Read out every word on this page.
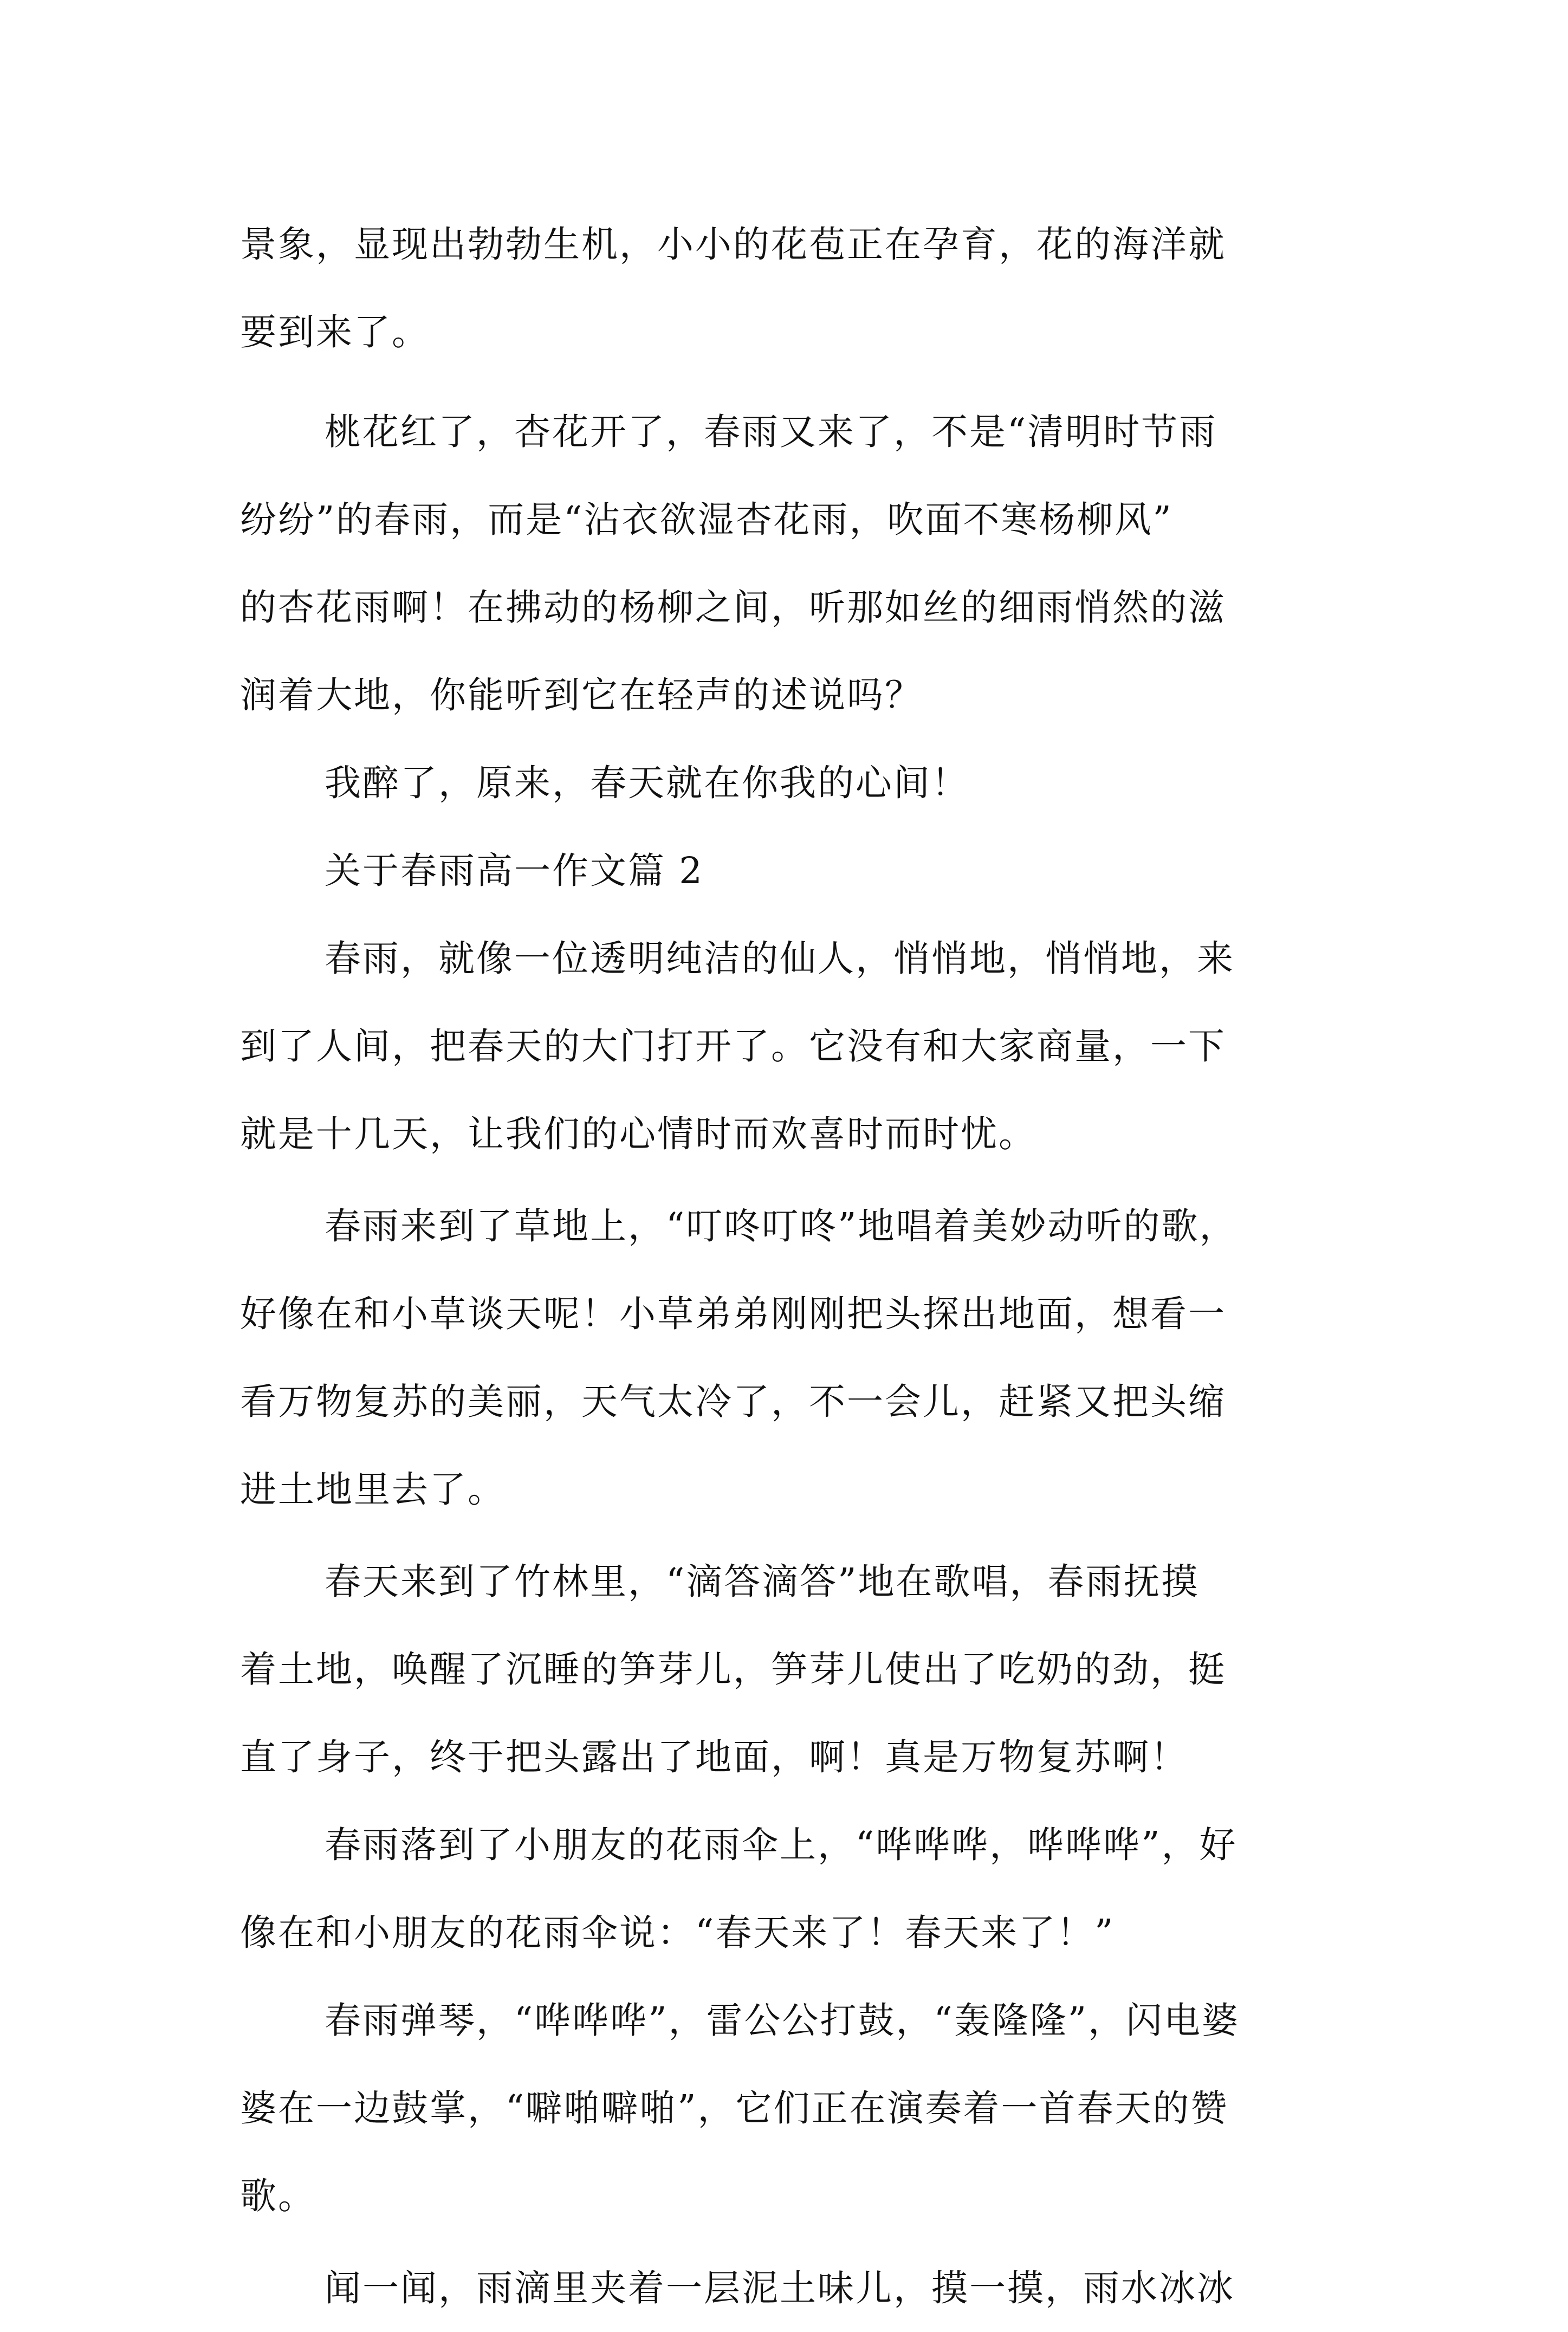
景象，显现出勃勃生机，小小的花苞正在孕育，花的海洋就
要到来了。
桃花红了，杏花开了，春雨又来了，不是“清明时节雨
纷纷”的春雨，而是“沾衣欲湿杏花雨，吹面不寒杨柳风”
的杏花雨啊！在拂动的杨柳之间，听那如丝的细雨悄然的滋
润着大地，你能听到它在轻声的述说吗？
我醉了，原来，春天就在你我的心间！
关于春雨高一作文篇 2
春雨，就像一位透明纯洁的仙人，悄悄地，悄悄地，来
到了人间，把春天的大门打开了。它没有和大家商量，一下
就是十几天，让我们的心情时而欢喜时而时忧。
春雨来到了草地上，“叮咚叮咚”地唱着美妙动听的歌，
好像在和小草谈天呢！小草弟弟刚刚把头探出地面，想看一
看万物复苏的美丽，天气太冷了，不一会儿，赶紧又把头缩
进土地里去了。
春天来到了竹林里，“滴答滴答”地在歌唱，春雨抚摸
着土地，唤醒了沉睡的笋芽儿，笋芽儿使出了吃奶的劲，挺
直了身子，终于把头露出了地面，啊！真是万物复苏啊！
春雨落到了小朋友的花雨伞上，“哗哗哗，哗哗哗”，好
像在和小朋友的花雨伞说：“春天来了！春天来了！”
春雨弹琴，“哗哗哗”，雷公公打鼓，“轰隆隆”，闪电婆
婆在一边鼓掌，“噼啪噼啪”，它们正在演奏着一首春天的赞
歌。
闻一闻，雨滴里夹着一层泥土味儿，摸一摸，雨水冰冰
